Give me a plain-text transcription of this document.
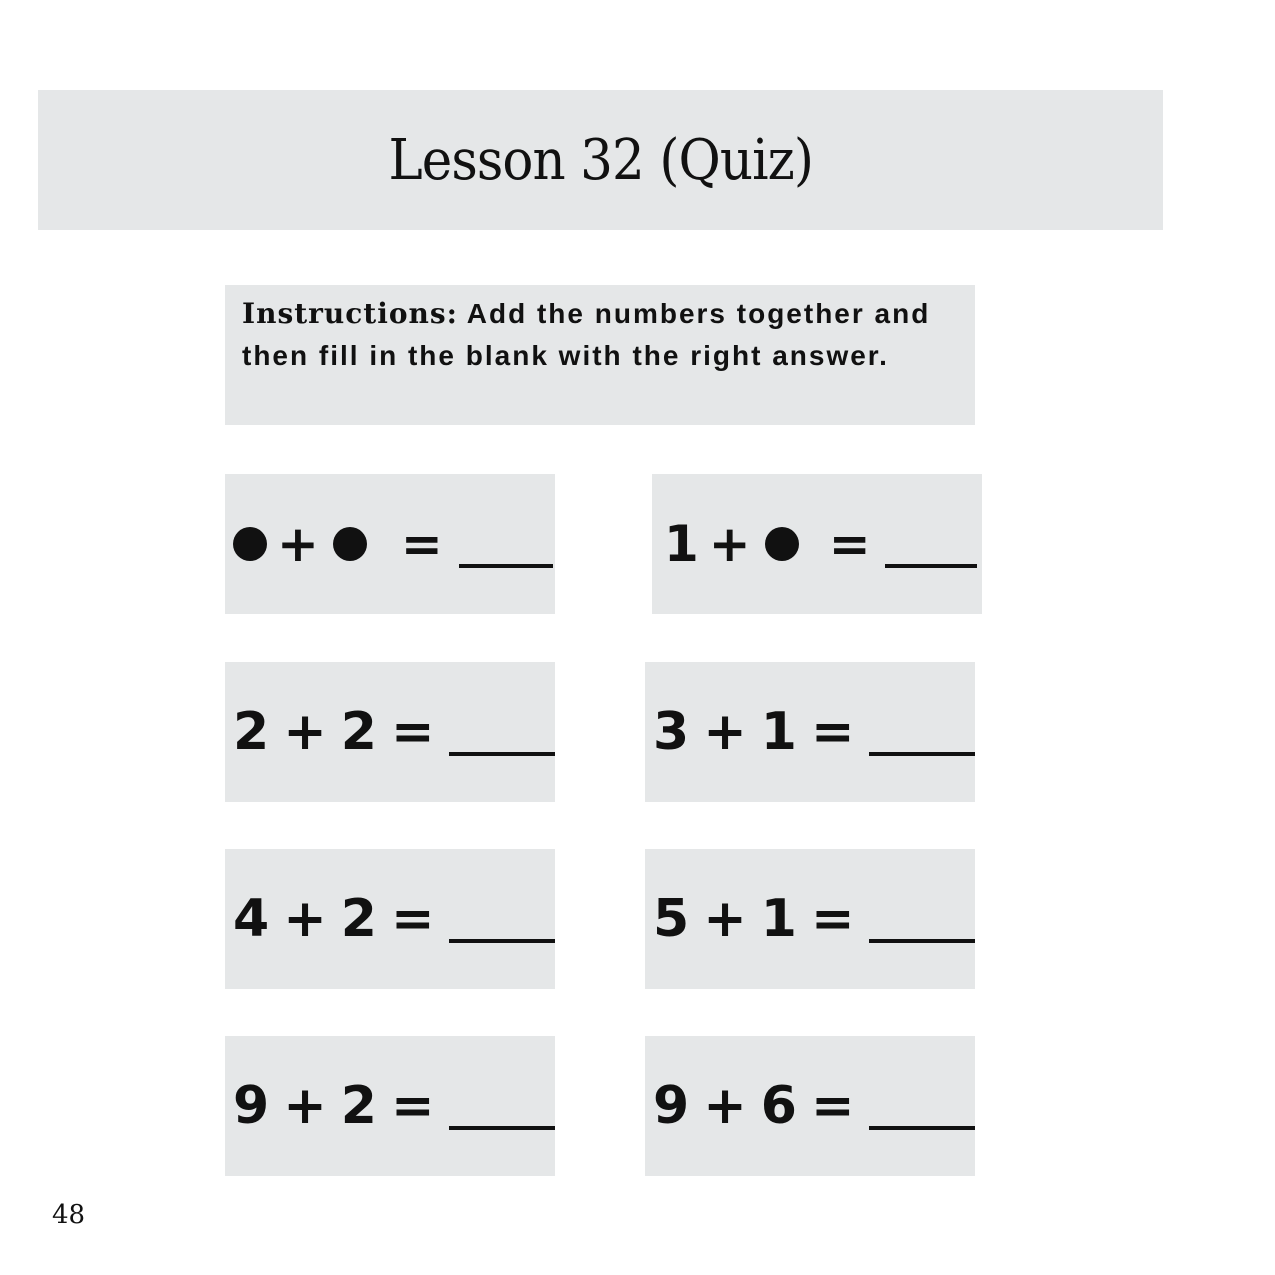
Lesson 32 (Quiz)
Instructions: Add the numbers together and then fill in the blank with the right answer.
+ =	1 + =
2 + 2 =	3 + 1 =
4 + 2 =	5 + 1 =
9 + 2 =	9 + 6 =
48
